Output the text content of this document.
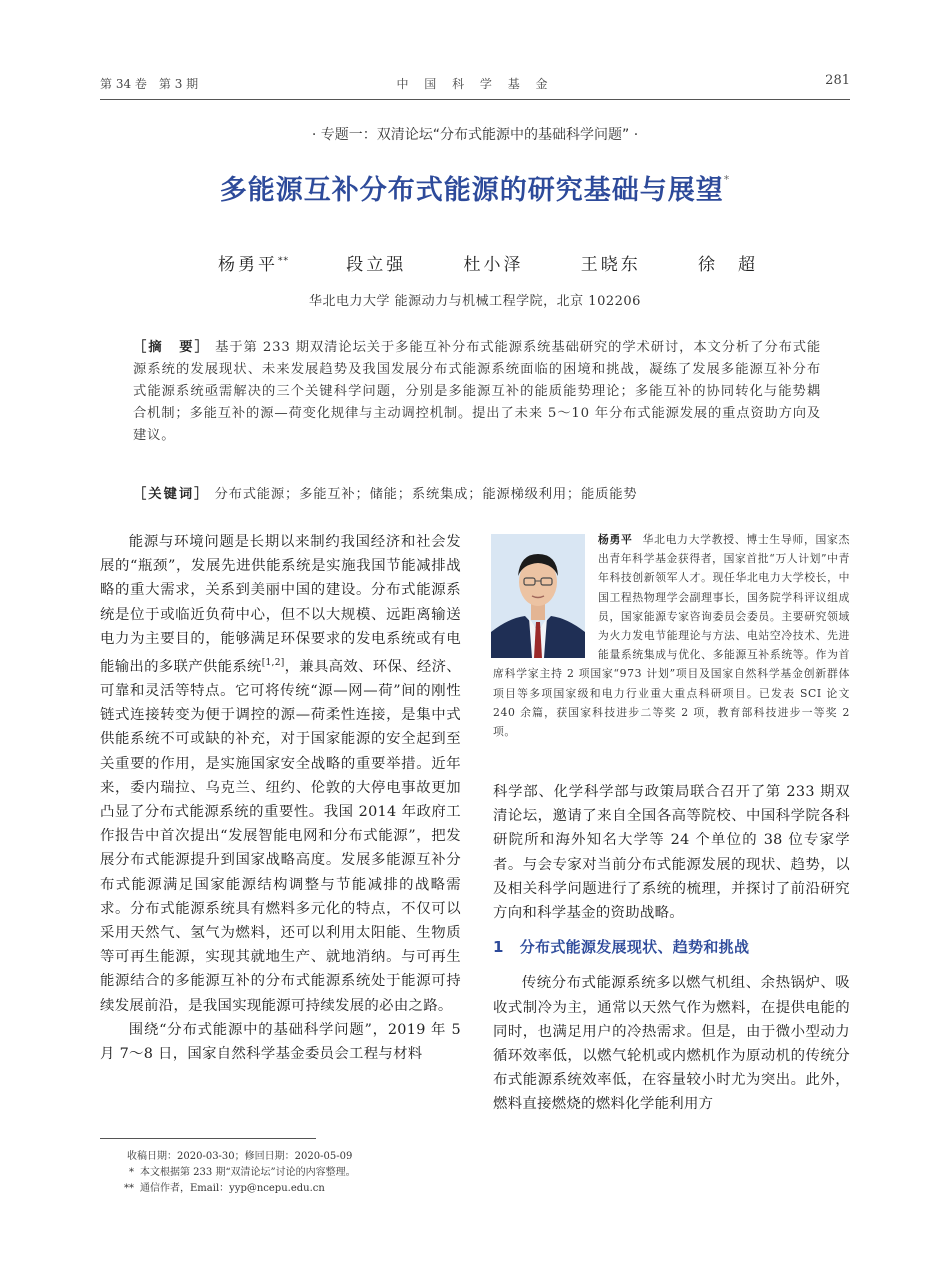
第 34 卷　第 3 期	中 国 科 学 基 金	281
· 专题一：双清论坛“分布式能源中的基础科学问题” ·
多能源互补分布式能源的研究基础与展望*
杨勇平**	段立强	杜小泽	王晓东	徐　超
华北电力大学 能源动力与机械工程学院，北京 102206
［摘　要］ 基于第 233 期双清论坛关于多能互补分布式能源系统基础研究的学术研讨，本文分析了分布式能源系统的发展现状、未来发展趋势及我国发展分布式能源系统面临的困境和挑战，凝练了发展多能源互补分布式能源系统亟需解决的三个关键科学问题，分别是多能源互补的能质能势理论；多能互补的协同转化与能势耦合机制；多能互补的源—荷变化规律与主动调控机制。提出了未来 5～10 年分布式能源发展的重点资助方向及建议。
［关键词］ 分布式能源；多能互补；储能；系统集成；能源梯级利用；能质能势

能源与环境问题是长期以来制约我国经济和社会发展的“瓶颈”，发展先进供能系统是实施我国节能减排战略的重大需求，关系到美丽中国的建设。分布式能源系统是位于或临近负荷中心，但不以大规模、远距离输送电力为主要目的，能够满足环保要求的发电系统或有电能输出的多联产供能系统[1,2]，兼具高效、环保、经济、可靠和灵活等特点。它可将传统“源—网—荷”间的刚性链式连接转变为便于调控的源—荷柔性连接，是集中式供能系统不可或缺的补充，对于国家能源的安全起到至关重要的作用，是实施国家安全战略的重要举措。近年来，委内瑞拉、乌克兰、纽约、伦敦的大停电事故更加凸显了分布式能源系统的重要性。我国 2014 年政府工作报告中首次提出“发展智能电网和分布式能源”，把发展分布式能源提升到国家战略高度。发展多能源互补分布式能源满足国家能源结构调整与节能减排的战略需求。分布式能源系统具有燃料多元化的特点，不仅可以采用天然气、氢气为燃料，还可以利用太阳能、生物质等可再生能源，实现其就地生产、就地消纳。与可再生能源结合的多能源互补的分布式能源系统处于能源可持续发展前沿，是我国实现能源可持续发展的必由之路。

围绕“分布式能源中的基础科学问题”，2019 年 5 月 7～8 日，国家自然科学基金委员会工程与材料

杨勇平 华北电力大学教授、博士生导师，国家杰出青年科学基金获得者，国家首批“万人计划”中青年科技创新领军人才。现任华北电力大学校长，中国工程热物理学会副理事长，国务院学科评议组成员，国家能源专家咨询委员会委员。主要研究领域为火力发电节能理论与方法、电站空冷技术、先进能量系统集成与优化、多能源互补系统等。作为首席科学家主持 2 项国家“973 计划”项目及国家自然科学基金创新群体项目等多项国家级和电力行业重大重点科研项目。已发表 SCI 论文 240 余篇，获国家科技进步二等奖 2 项，教育部科技进步一等奖 2 项。

科学部、化学科学部与政策局联合召开了第 233 期双清论坛，邀请了来自全国各高等院校、中国科学院各科研院所和海外知名大学等 24 个单位的 38 位专家学者。与会专家对当前分布式能源发展的现状、趋势，以及相关科学问题进行了系统的梳理，并探讨了前沿研究方向和科学基金的资助战略。

1 分布式能源发展现状、趋势和挑战

传统分布式能源系统多以燃气机组、余热锅炉、吸收式制冷为主，通常以天然气作为燃料，在提供电能的同时，也满足用户的冷热需求。但是，由于微小型动力循环效率低，以燃气轮机或内燃机作为原动机的传统分布式能源系统效率低，在容量较小时尤为突出。此外，燃料直接燃烧的燃料化学能利用方

收稿日期：2020-03-30；修回日期：2020-05-09
* 本文根据第 233 期“双清论坛”讨论的内容整理。
** 通信作者，Email：yyp@ncepu.edu.cn
